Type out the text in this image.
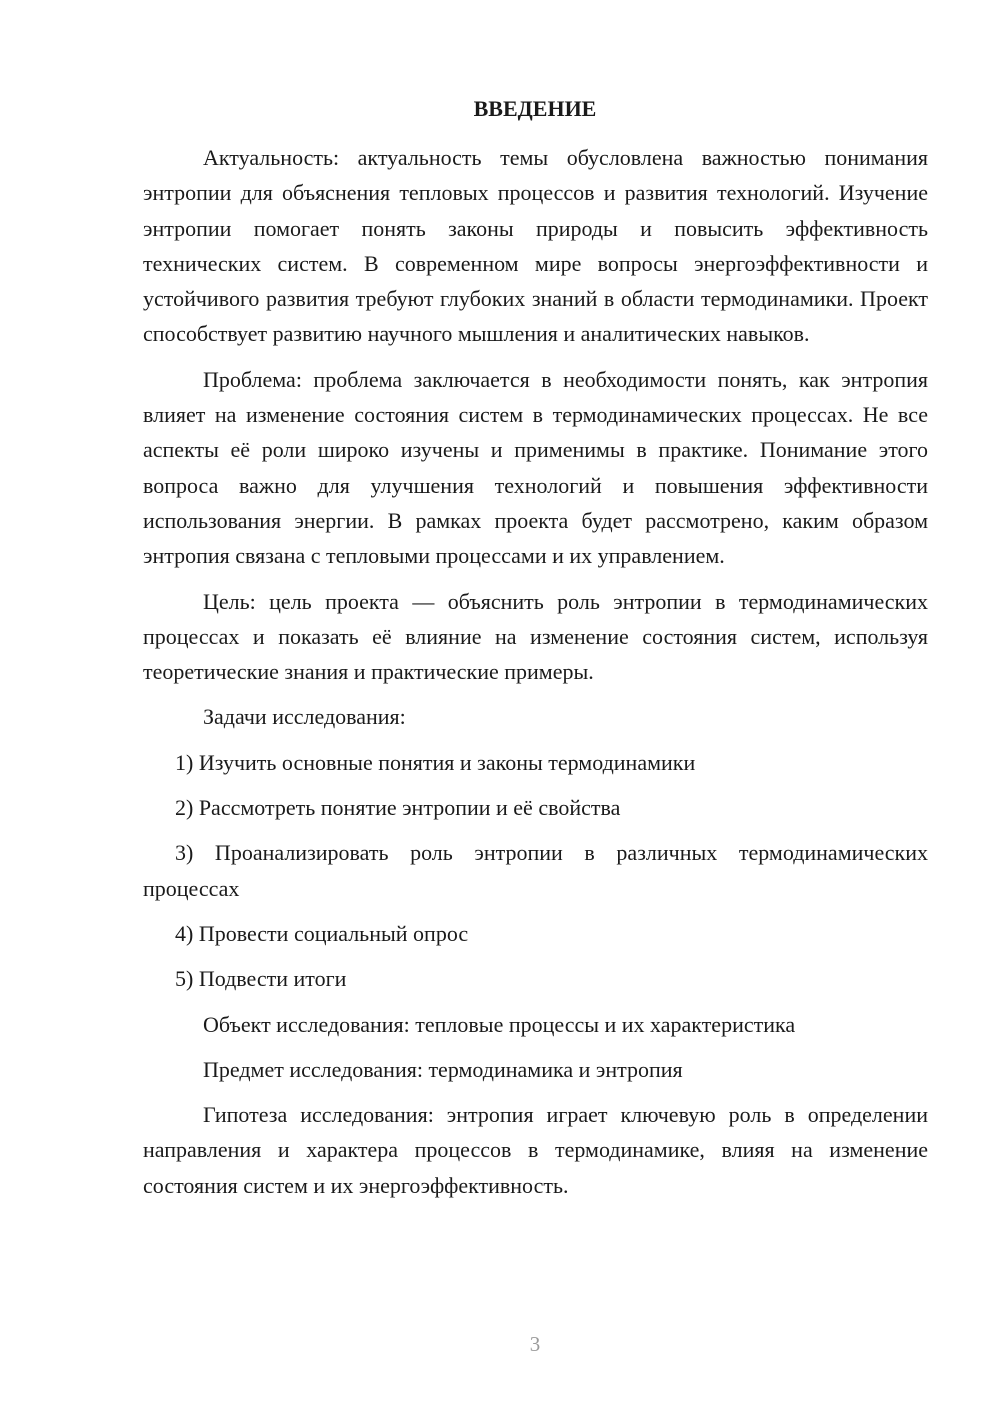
ВВЕДЕНИЕ

Актуальность: актуальность темы обусловлена важностью понимания энтропии для объяснения тепловых процессов и развития технологий. Изучение энтропии помогает понять законы природы и повысить эффективность технических систем. В современном мире вопросы энергоэффективности и устойчивого развития требуют глубоких знаний в области термодинамики. Проект способствует развитию научного мышления и аналитических навыков.

Проблема: проблема заключается в необходимости понять, как энтропия влияет на изменение состояния систем в термодинамических процессах. Не все аспекты её роли широко изучены и применимы в практике. Понимание этого вопроса важно для улучшения технологий и повышения эффективности использования энергии. В рамках проекта будет рассмотрено, каким образом энтропия связана с тепловыми процессами и их управлением.

Цель: цель проекта — объяснить роль энтропии в термодинамических процессах и показать её влияние на изменение состояния систем, используя теоретические знания и практические примеры.

Задачи исследования:

1) Изучить основные понятия и законы термодинамики

2) Рассмотреть понятие энтропии и её свойства

3) Проанализировать роль энтропии в различных термодинамических процессах

4) Провести социальный опрос

5) Подвести итоги

Объект исследования: тепловые процессы и их характеристика

Предмет исследования: термодинамика и энтропия

Гипотеза исследования: энтропия играет ключевую роль в определении направления и характера процессов в термодинамике, влияя на изменение состояния систем и их энергоэффективность.

3
